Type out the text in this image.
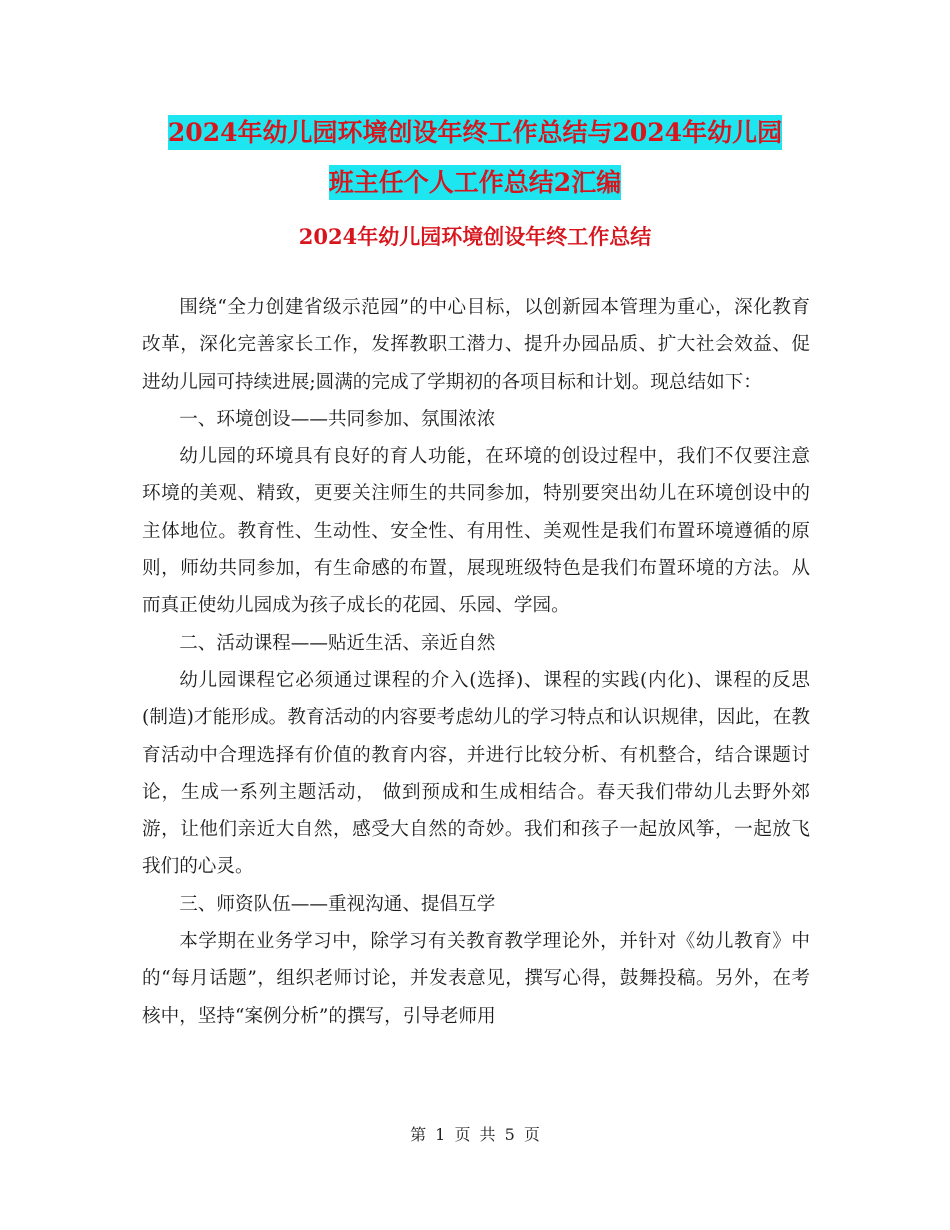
2024年幼儿园环境创设年终工作总结与2024年幼儿园
班主任个人工作总结2汇编
2024年幼儿园环境创设年终工作总结

围绕“全力创建省级示范园”的中心目标，以创新园本管理为重心，深化教育改革，深化完善家长工作，发挥教职工潜力、提升办园品质、扩大社会效益、促进幼儿园可持续进展;圆满的完成了学期初的各项目标和计划。现总结如下：

一、环境创设——共同参加、氛围浓浓

幼儿园的环境具有良好的育人功能，在环境的创设过程中，我们不仅要注意环境的美观、精致，更要关注师生的共同参加，特别要突出幼儿在环境创设中的主体地位。教育性、生动性、安全性、有用性、美观性是我们布置环境遵循的原则，师幼共同参加，有生命感的布置，展现班级特色是我们布置环境的方法。从而真正使幼儿园成为孩子成长的花园、乐园、学园。

二、活动课程——贴近生活、亲近自然

幼儿园课程它必须通过课程的介入(选择)、课程的实践(内化)、课程的反思(制造)才能形成。教育活动的内容要考虑幼儿的学习特点和认识规律，因此，在教育活动中合理选择有价值的教育内容，并进行比较分析、有机整合，结合课题讨论，生成一系列主题活动， 做到预成和生成相结合。春天我们带幼儿去野外郊游，让他们亲近大自然，感受大自然的奇妙。我们和孩子一起放风筝，一起放飞我们的心灵。

三、师资队伍——重视沟通、提倡互学

本学期在业务学习中，除学习有关教育教学理论外，并针对《幼儿教育》中的“每月话题”，组织老师讨论，并发表意见，撰写心得，鼓舞投稿。另外，在考核中，坚持“案例分析”的撰写，引导老师用

第 1 页 共 5 页
